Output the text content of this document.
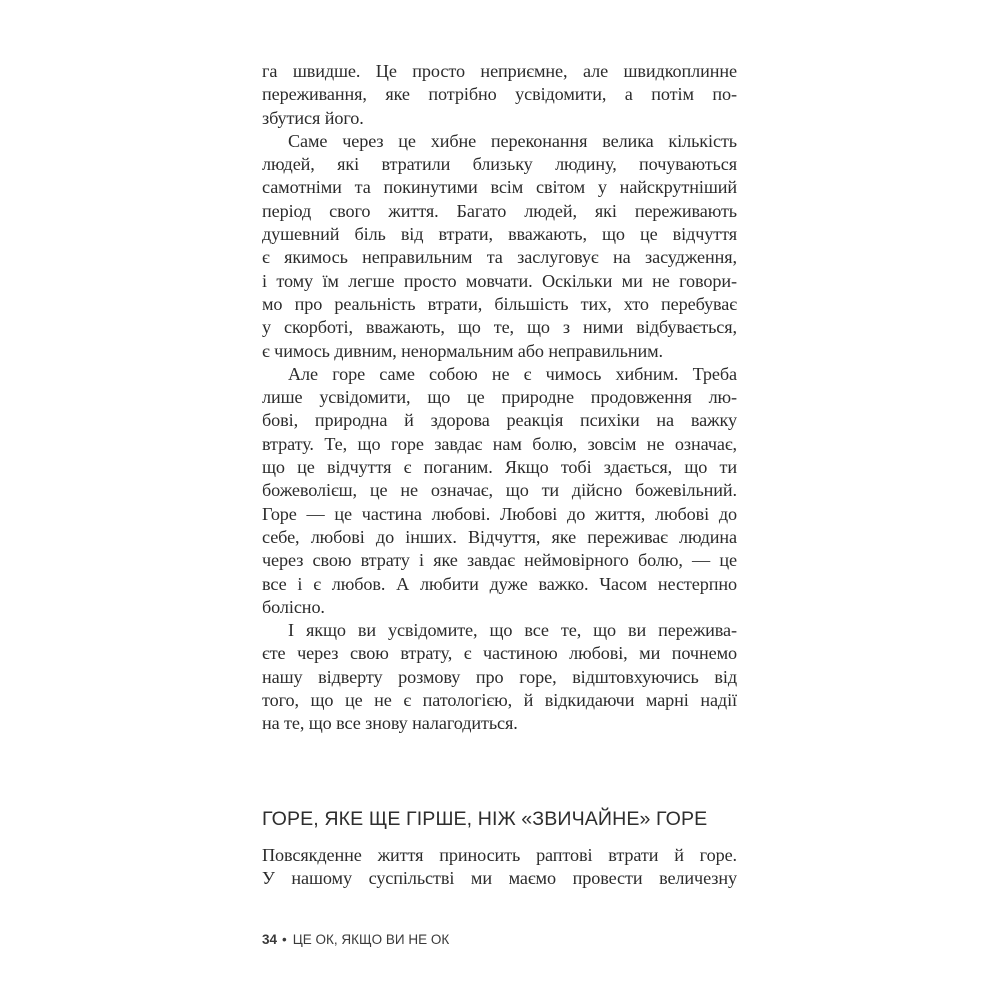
га швидше. Це просто неприємне, але швидкоплинне
переживання, яке потрібно усвідомити, а потім по-
збутися його.

Саме через це хибне переконання велика кількість
людей, які втратили близьку людину, почуваються
самотніми та покинутими всім світом у найскрутніший
період свого життя. Багато людей, які переживають
душевний біль від втрати, вважають, що це відчуття
є якимось неправильним та заслуговує на засудження,
і тому їм легше просто мовчати. Оскільки ми не говори-
мо про реальність втрати, більшість тих, хто перебуває
у скорботі, вважають, що те, що з ними відбувається,
є чимось дивним, ненормальним або неправильним.

Але горе саме собою не є чимось хибним. Треба
лише усвідомити, що це природне продовження лю-
бові, природна й здорова реакція психіки на важку
втрату. Те, що горе завдає нам болю, зовсім не означає,
що це відчуття є поганим. Якщо тобі здається, що ти
божеволієш, це не означає, що ти дійсно божевільний.
Горе — це частина любові. Любові до життя, любові до
себе, любові до інших. Відчуття, яке переживає людина
через свою втрату і яке завдає неймовірного болю, — це
все і є любов. А любити дуже важко. Часом нестерпно
болісно.

І якщо ви усвідомите, що все те, що ви пережива-
єте через свою втрату, є частиною любові, ми почнемо
нашу відверту розмову про горе, відштовхуючись від
того, що це не є патологією, й відкидаючи марні надії
на те, що все знову налагодиться.

ГОРЕ, ЯКЕ ЩЕ ГІРШЕ, НІЖ «ЗВИЧАЙНЕ» ГОРЕ

Повсякденне життя приносить раптові втрати й горе.
У нашому суспільстві ми маємо провести величезну

34 • ЦЕ ОК, ЯКЩО ВИ НЕ ОК
